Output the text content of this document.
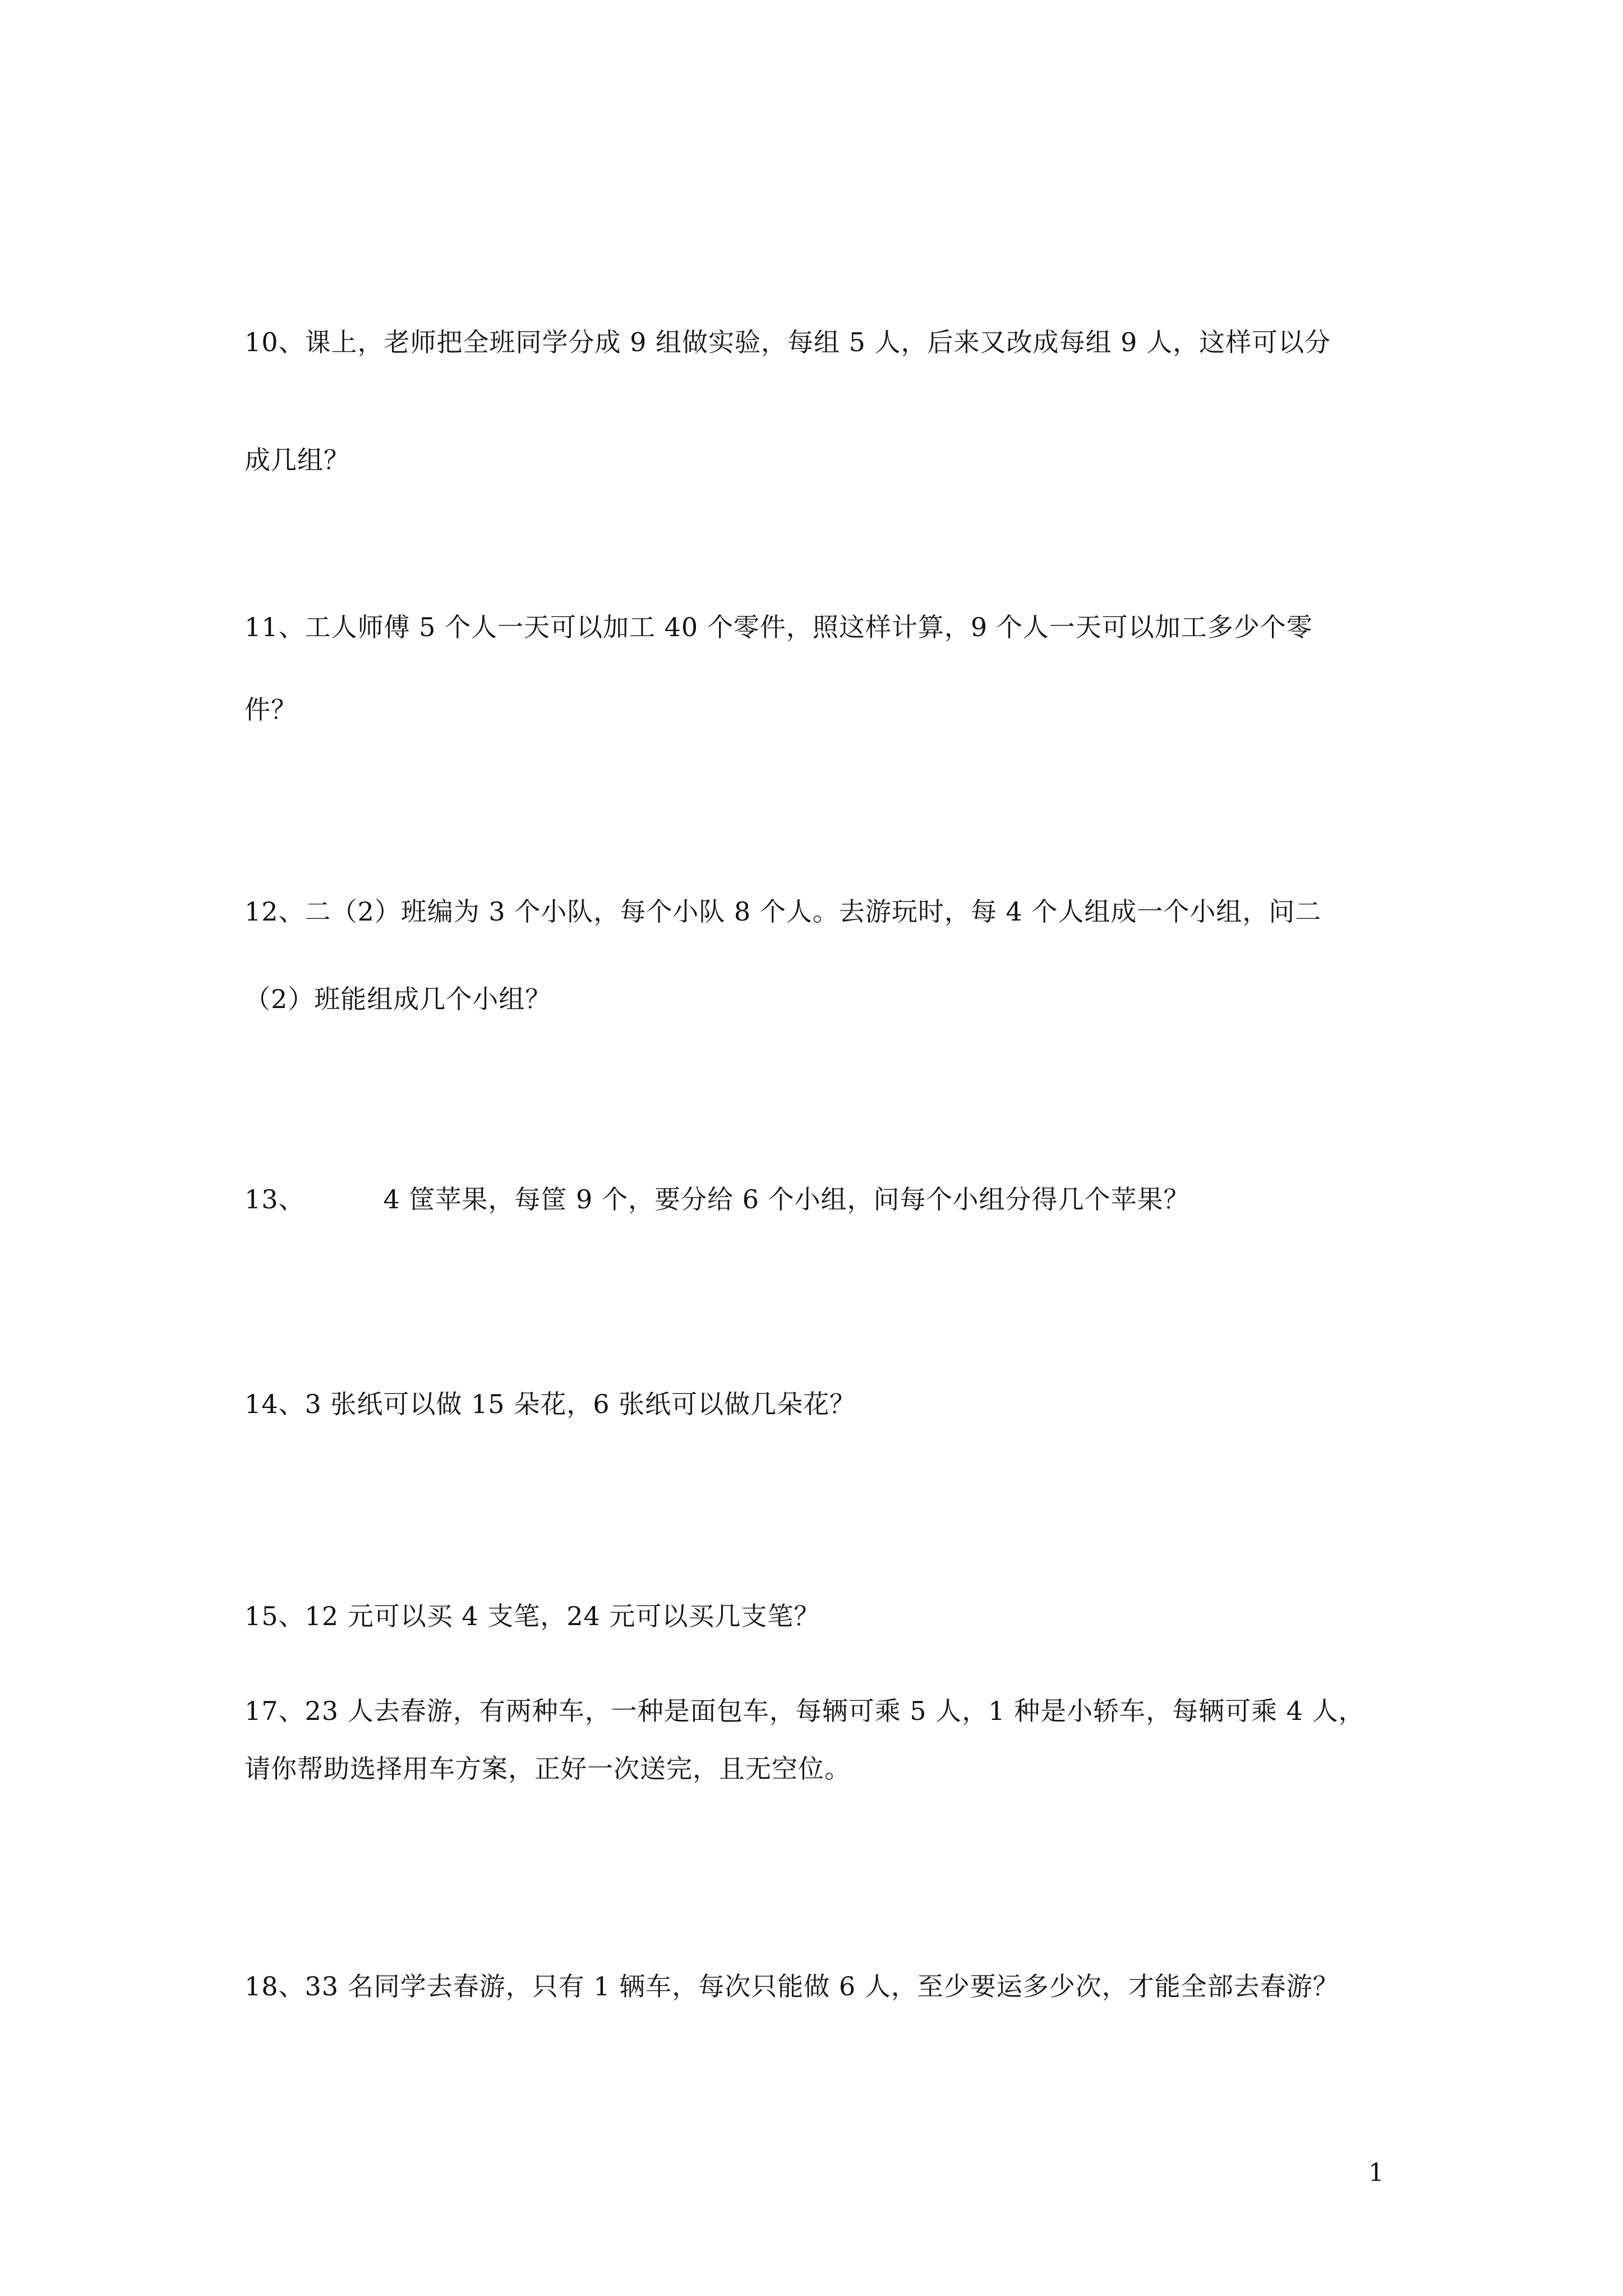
10、课上，老师把全班同学分成 9 组做实验，每组 5 人，后来又改成每组 9 人，这样可以分
成几组？
11、工人师傅 5 个人一天可以加工 40 个零件，照这样计算，9 个人一天可以加工多少个零
件？
12、二（2）班编为 3 个小队，每个小队 8 个人。去游玩时，每 4 个人组成一个小组，问二
（2）班能组成几个小组？
13、	4 筐苹果，每筐 9 个，要分给 6 个小组，问每个小组分得几个苹果？
14、3 张纸可以做 15 朵花，6 张纸可以做几朵花？
15、12 元可以买 4 支笔，24 元可以买几支笔？
17、23 人去春游，有两种车，一种是面包车，每辆可乘 5 人，1 种是小轿车，每辆可乘 4 人，
请你帮助选择用车方案，正好一次送完，且无空位。
18、33 名同学去春游，只有 1 辆车，每次只能做 6 人，至少要运多少次，才能全部去春游？
1
